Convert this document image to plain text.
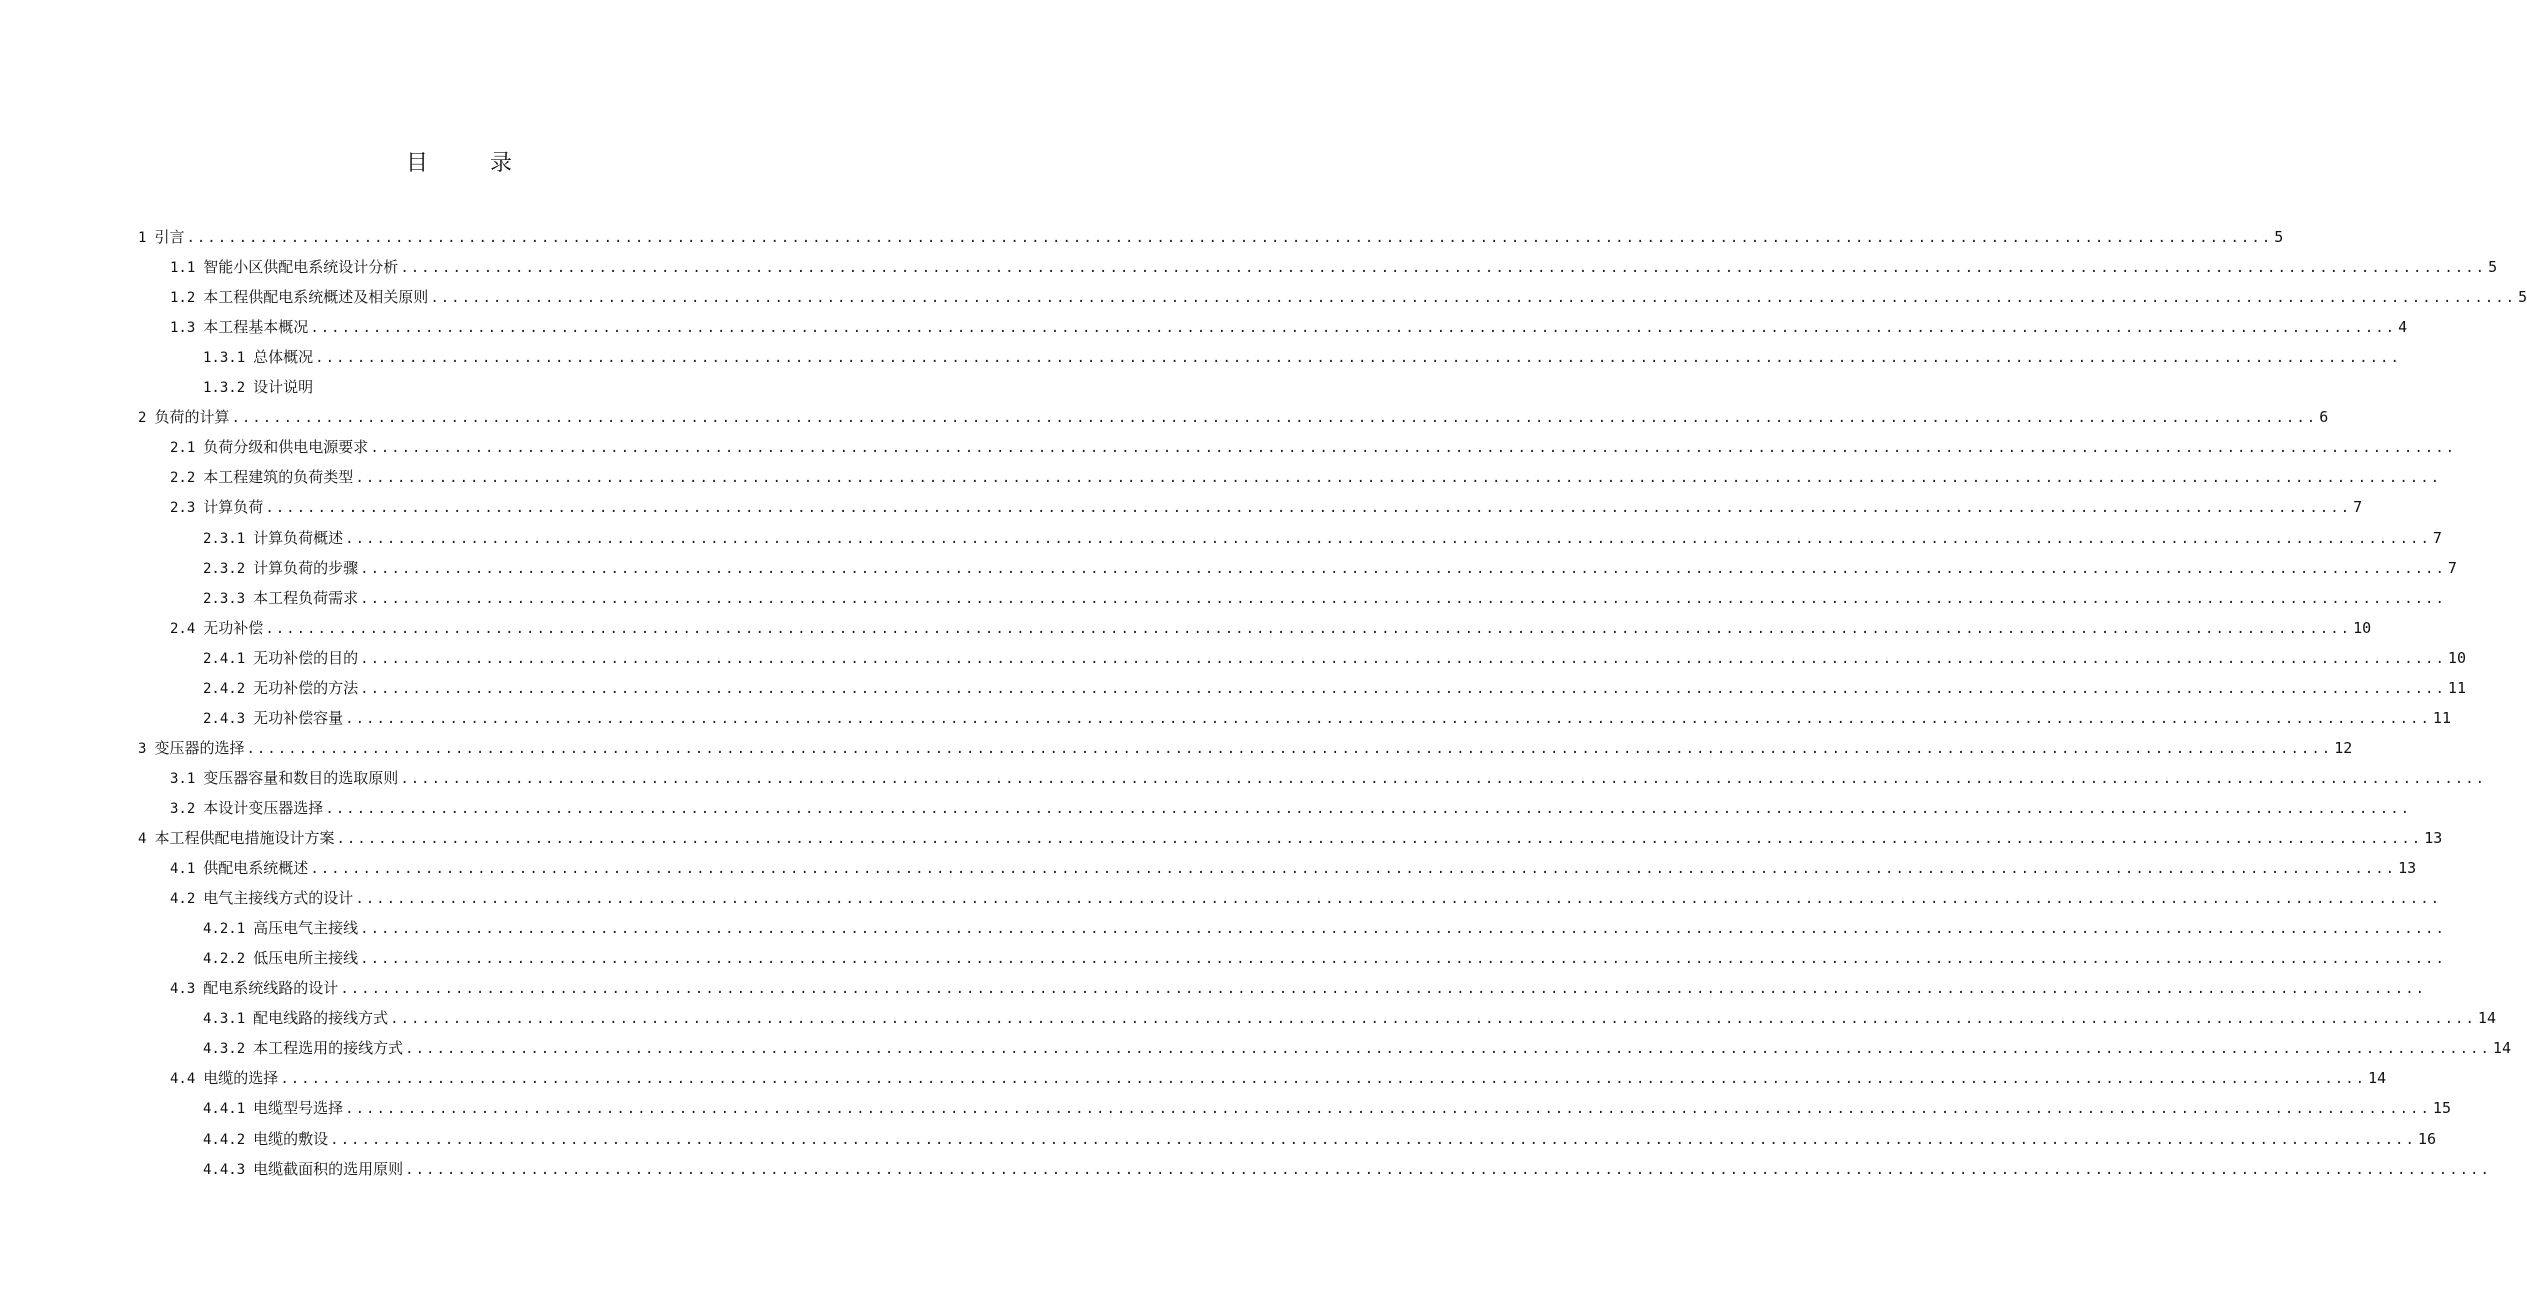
目	录
1 引言 ........................................................................................................................................................................................................ 5
1.1 智能小区供配电系统设计分析 ........................................................................................................................................................................................................ 5
1.2 本工程供配电系统概述及相关原则 ........................................................................................................................................................................................................ 5
1.3 本工程基本概况 ........................................................................................................................................................................................................ 4
1.3.1 总体概况 ........................................................................................................................................................................................................
1.3.2 设计说明
2 负荷的计算 ........................................................................................................................................................................................................ 6
2.1 负荷分级和供电电源要求 ........................................................................................................................................................................................................
2.2 本工程建筑的负荷类型 ........................................................................................................................................................................................................
2.3 计算负荷 ........................................................................................................................................................................................................ 7
2.3.1 计算负荷概述 ........................................................................................................................................................................................................ 7
2.3.2 计算负荷的步骤 ........................................................................................................................................................................................................ 7
2.3.3 本工程负荷需求 ........................................................................................................................................................................................................
2.4 无功补偿 ........................................................................................................................................................................................................ 10
2.4.1 无功补偿的目的 ........................................................................................................................................................................................................ 10
2.4.2 无功补偿的方法 ........................................................................................................................................................................................................ 11
2.4.3 无功补偿容量 ........................................................................................................................................................................................................ 11
3 变压器的选择 ........................................................................................................................................................................................................ 12
3.1 变压器容量和数目的选取原则 ........................................................................................................................................................................................................
3.2 本设计变压器选择 ........................................................................................................................................................................................................
4 本工程供配电措施设计方案 ........................................................................................................................................................................................................ 13
4.1 供配电系统概述 ........................................................................................................................................................................................................ 13
4.2 电气主接线方式的设计 ........................................................................................................................................................................................................
4.2.1 高压电气主接线 ........................................................................................................................................................................................................
4.2.2 低压电所主接线 ........................................................................................................................................................................................................
4.3 配电系统线路的设计 ........................................................................................................................................................................................................
4.3.1 配电线路的接线方式 ........................................................................................................................................................................................................ 14
4.3.2 本工程选用的接线方式 ........................................................................................................................................................................................................ 14
4.4 电缆的选择 ........................................................................................................................................................................................................ 14
4.4.1 电缆型号选择 ........................................................................................................................................................................................................ 15
4.4.2 电缆的敷设 ........................................................................................................................................................................................................ 16
4.4.3 电缆截面积的选用原则 ........................................................................................................................................................................................................
